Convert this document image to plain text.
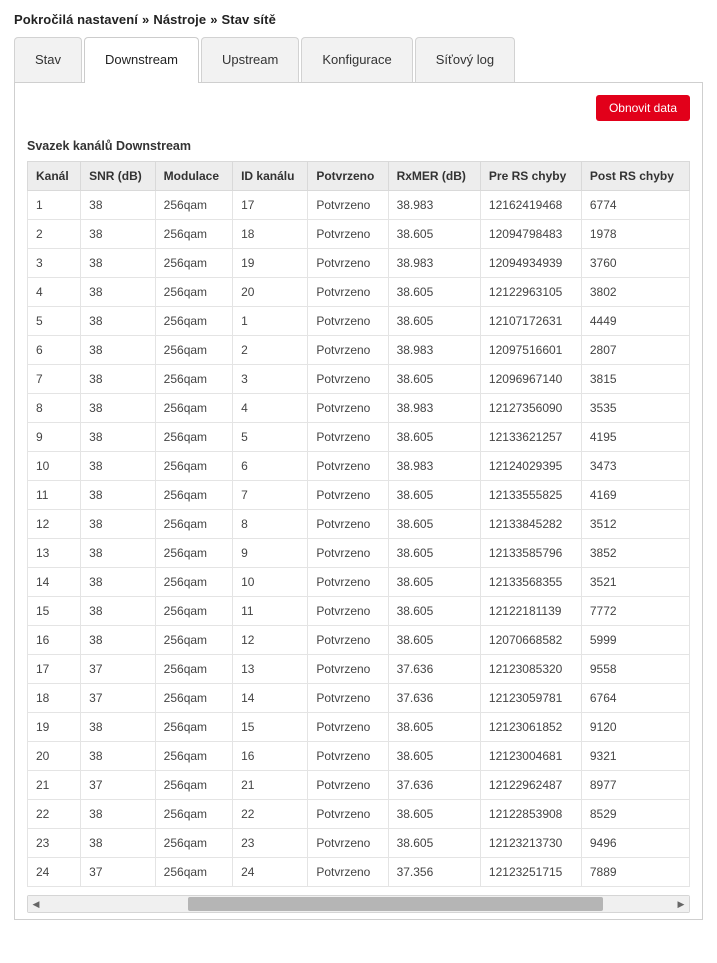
Pokročilá nastavení » Nástroje » Stav sítě
Stav	Downstream	Upstream	Konfigurace	Síťový log
Obnovit data
Svazek kanálů Downstream
Kanál	SNR (dB)	Modulace	ID kanálu	Potvrzeno	RxMER (dB)	Pre RS chyby	Post RS chyby
1	38	256qam	17	Potvrzeno	38.983	12162419468	6774
2	38	256qam	18	Potvrzeno	38.605	12094798483	1978
3	38	256qam	19	Potvrzeno	38.983	12094934939	3760
4	38	256qam	20	Potvrzeno	38.605	12122963105	3802
5	38	256qam	1	Potvrzeno	38.605	12107172631	4449
6	38	256qam	2	Potvrzeno	38.983	12097516601	2807
7	38	256qam	3	Potvrzeno	38.605	12096967140	3815
8	38	256qam	4	Potvrzeno	38.983	12127356090	3535
9	38	256qam	5	Potvrzeno	38.605	12133621257	4195
10	38	256qam	6	Potvrzeno	38.983	12124029395	3473
11	38	256qam	7	Potvrzeno	38.605	12133555825	4169
12	38	256qam	8	Potvrzeno	38.605	12133845282	3512
13	38	256qam	9	Potvrzeno	38.605	12133585796	3852
14	38	256qam	10	Potvrzeno	38.605	12133568355	3521
15	38	256qam	11	Potvrzeno	38.605	12122181139	7772
16	38	256qam	12	Potvrzeno	38.605	12070668582	5999
17	37	256qam	13	Potvrzeno	37.636	12123085320	9558
18	37	256qam	14	Potvrzeno	37.636	12123059781	6764
19	38	256qam	15	Potvrzeno	38.605	12123061852	9120
20	38	256qam	16	Potvrzeno	38.605	12123004681	9321
21	37	256qam	21	Potvrzeno	37.636	12122962487	8977
22	38	256qam	22	Potvrzeno	38.605	12122853908	8529
23	38	256qam	23	Potvrzeno	38.605	12123213730	9496
24	37	256qam	24	Potvrzeno	37.356	12123251715	7889
◀	▶
